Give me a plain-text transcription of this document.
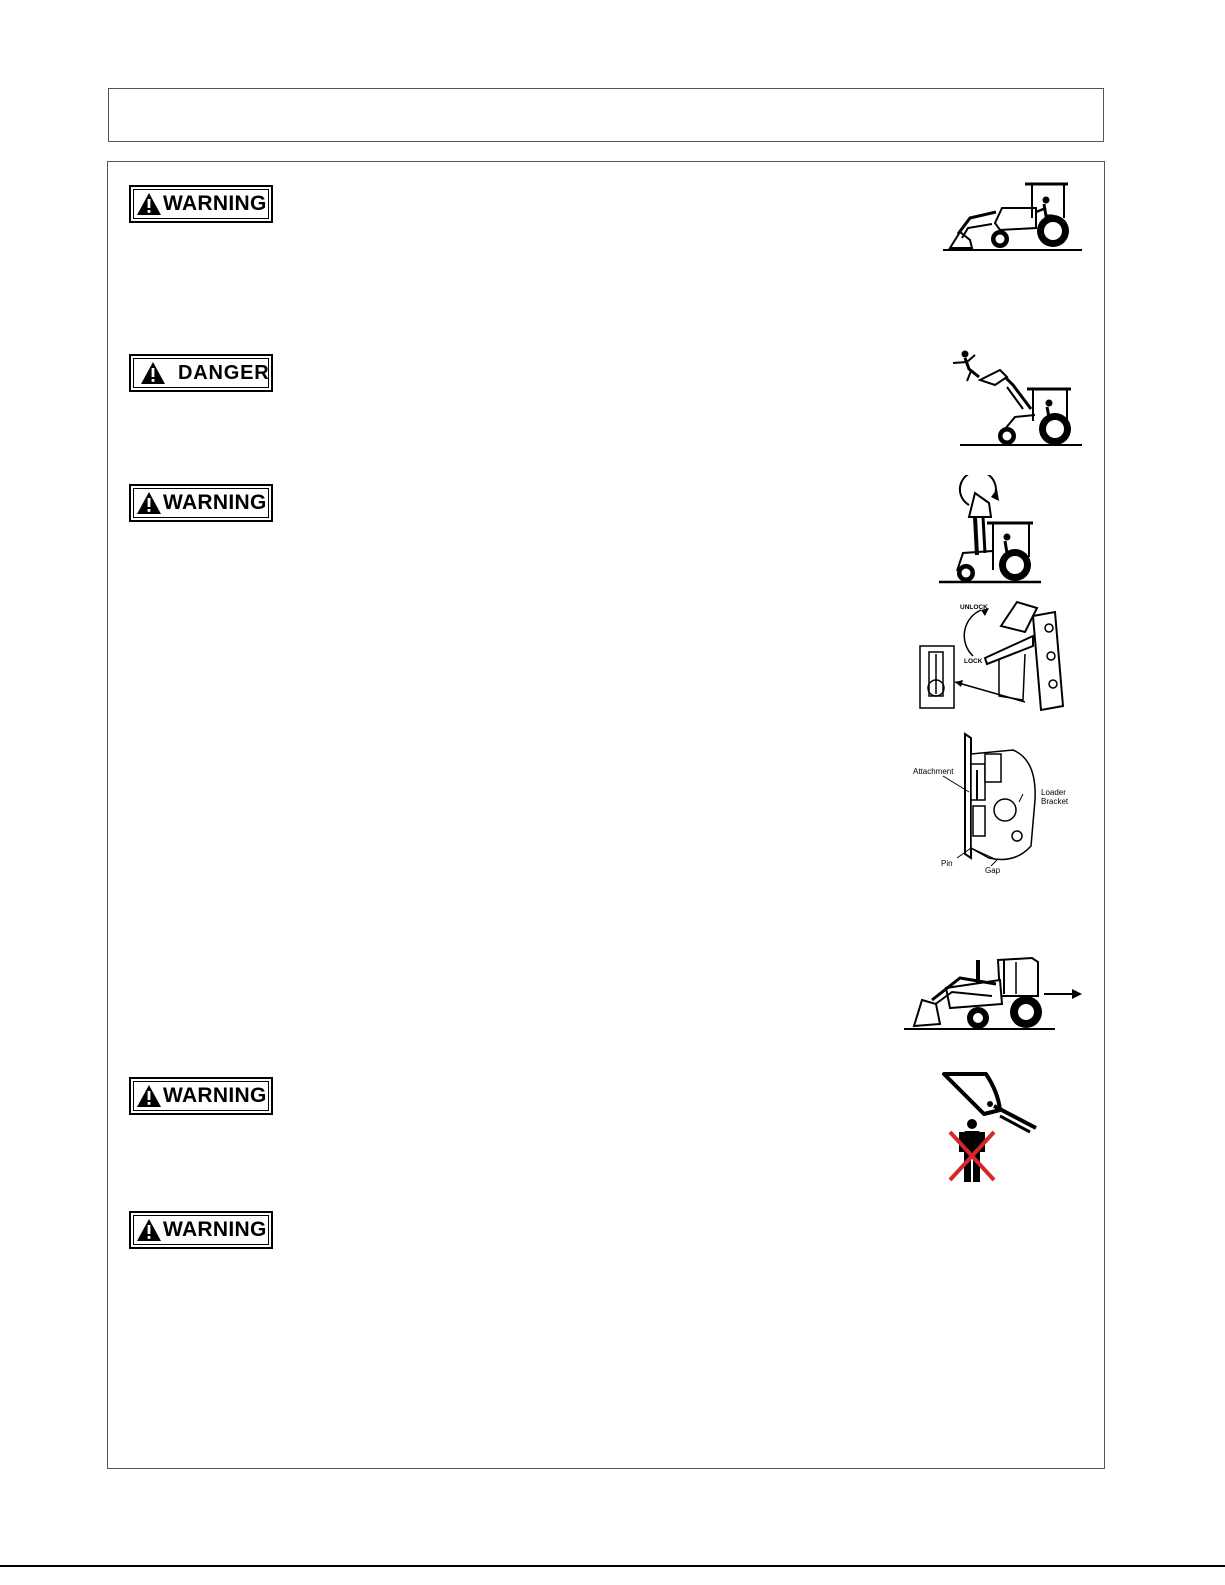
WARNING
DANGER
WARNING
WARNING
WARNING
UNLOCK
LOCK
Attachment
Loader
Bracket
Pin
Gap
